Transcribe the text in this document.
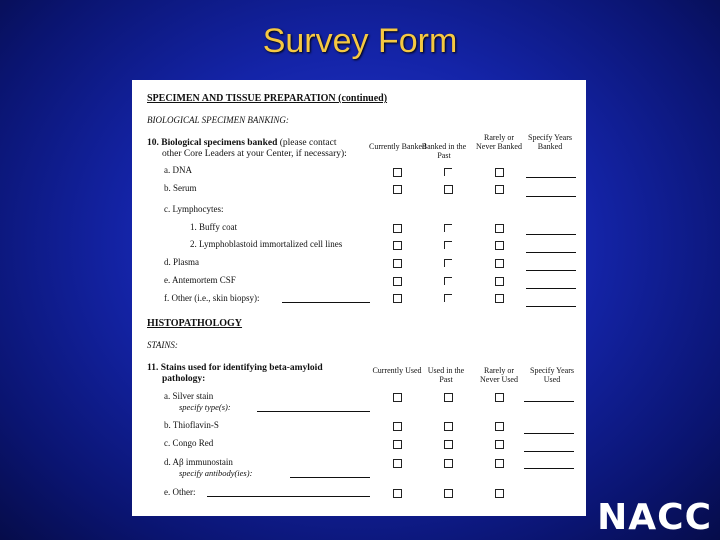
Survey Form
SPECIMEN AND TISSUE PREPARATION (continued)
BIOLOGICAL SPECIMEN BANKING:
10. Biological specimens banked (please contact
other Core Leaders at your Center, if necessary):
Currently Banked
Banked in the Past
Rarely or Never Banked
Specify Years Banked
a. DNA
b. Serum
c. Lymphocytes:
1. Buffy coat
2. Lymphoblastoid immortalized cell lines
d. Plasma
e. Antemortem CSF
f. Other (i.e., skin biopsy):
HISTOPATHOLOGY
STAINS:
11. Stains used for identifying beta-amyloid
pathology:
Currently Used Used in the Past
Rarely or Never Used
Specify Years Used
a. Silver stain
specify type(s):
b. Thioflavin-S
c. Congo Red
d. Aβ immunostain
specify antibody(ies):
e. Other:
NACC
